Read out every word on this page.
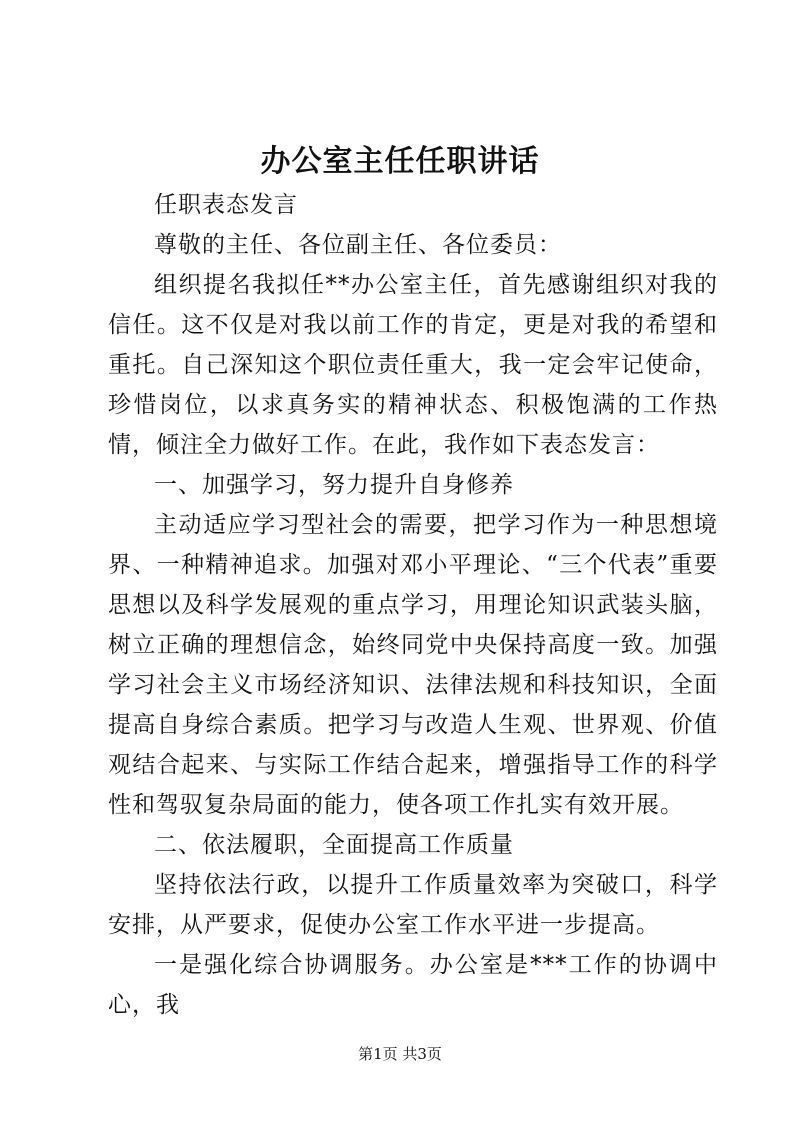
办公室主任任职讲话

任职表态发言

尊敬的主任、各位副主任、各位委员：

组织提名我拟任**办公室主任，首先感谢组织对我的信任。这不仅是对我以前工作的肯定，更是对我的希望和重托。自己深知这个职位责任重大，我一定会牢记使命，珍惜岗位，以求真务实的精神状态、积极饱满的工作热情，倾注全力做好工作。在此，我作如下表态发言：

一、加强学习，努力提升自身修养

主动适应学习型社会的需要，把学习作为一种思想境界、一种精神追求。加强对邓小平理论、“三个代表”重要思想以及科学发展观的重点学习，用理论知识武装头脑，树立正确的理想信念，始终同党中央保持高度一致。加强学习社会主义市场经济知识、法律法规和科技知识，全面提高自身综合素质。把学习与改造人生观、世界观、价值观结合起来、与实际工作结合起来，增强指导工作的科学性和驾驭复杂局面的能力，使各项工作扎实有效开展。

二、依法履职，全面提高工作质量

坚持依法行政，以提升工作质量效率为突破口，科学安排，从严要求，促使办公室工作水平进一步提高。

一是强化综合协调服务。办公室是***工作的协调中心，我

第1页 共3页
